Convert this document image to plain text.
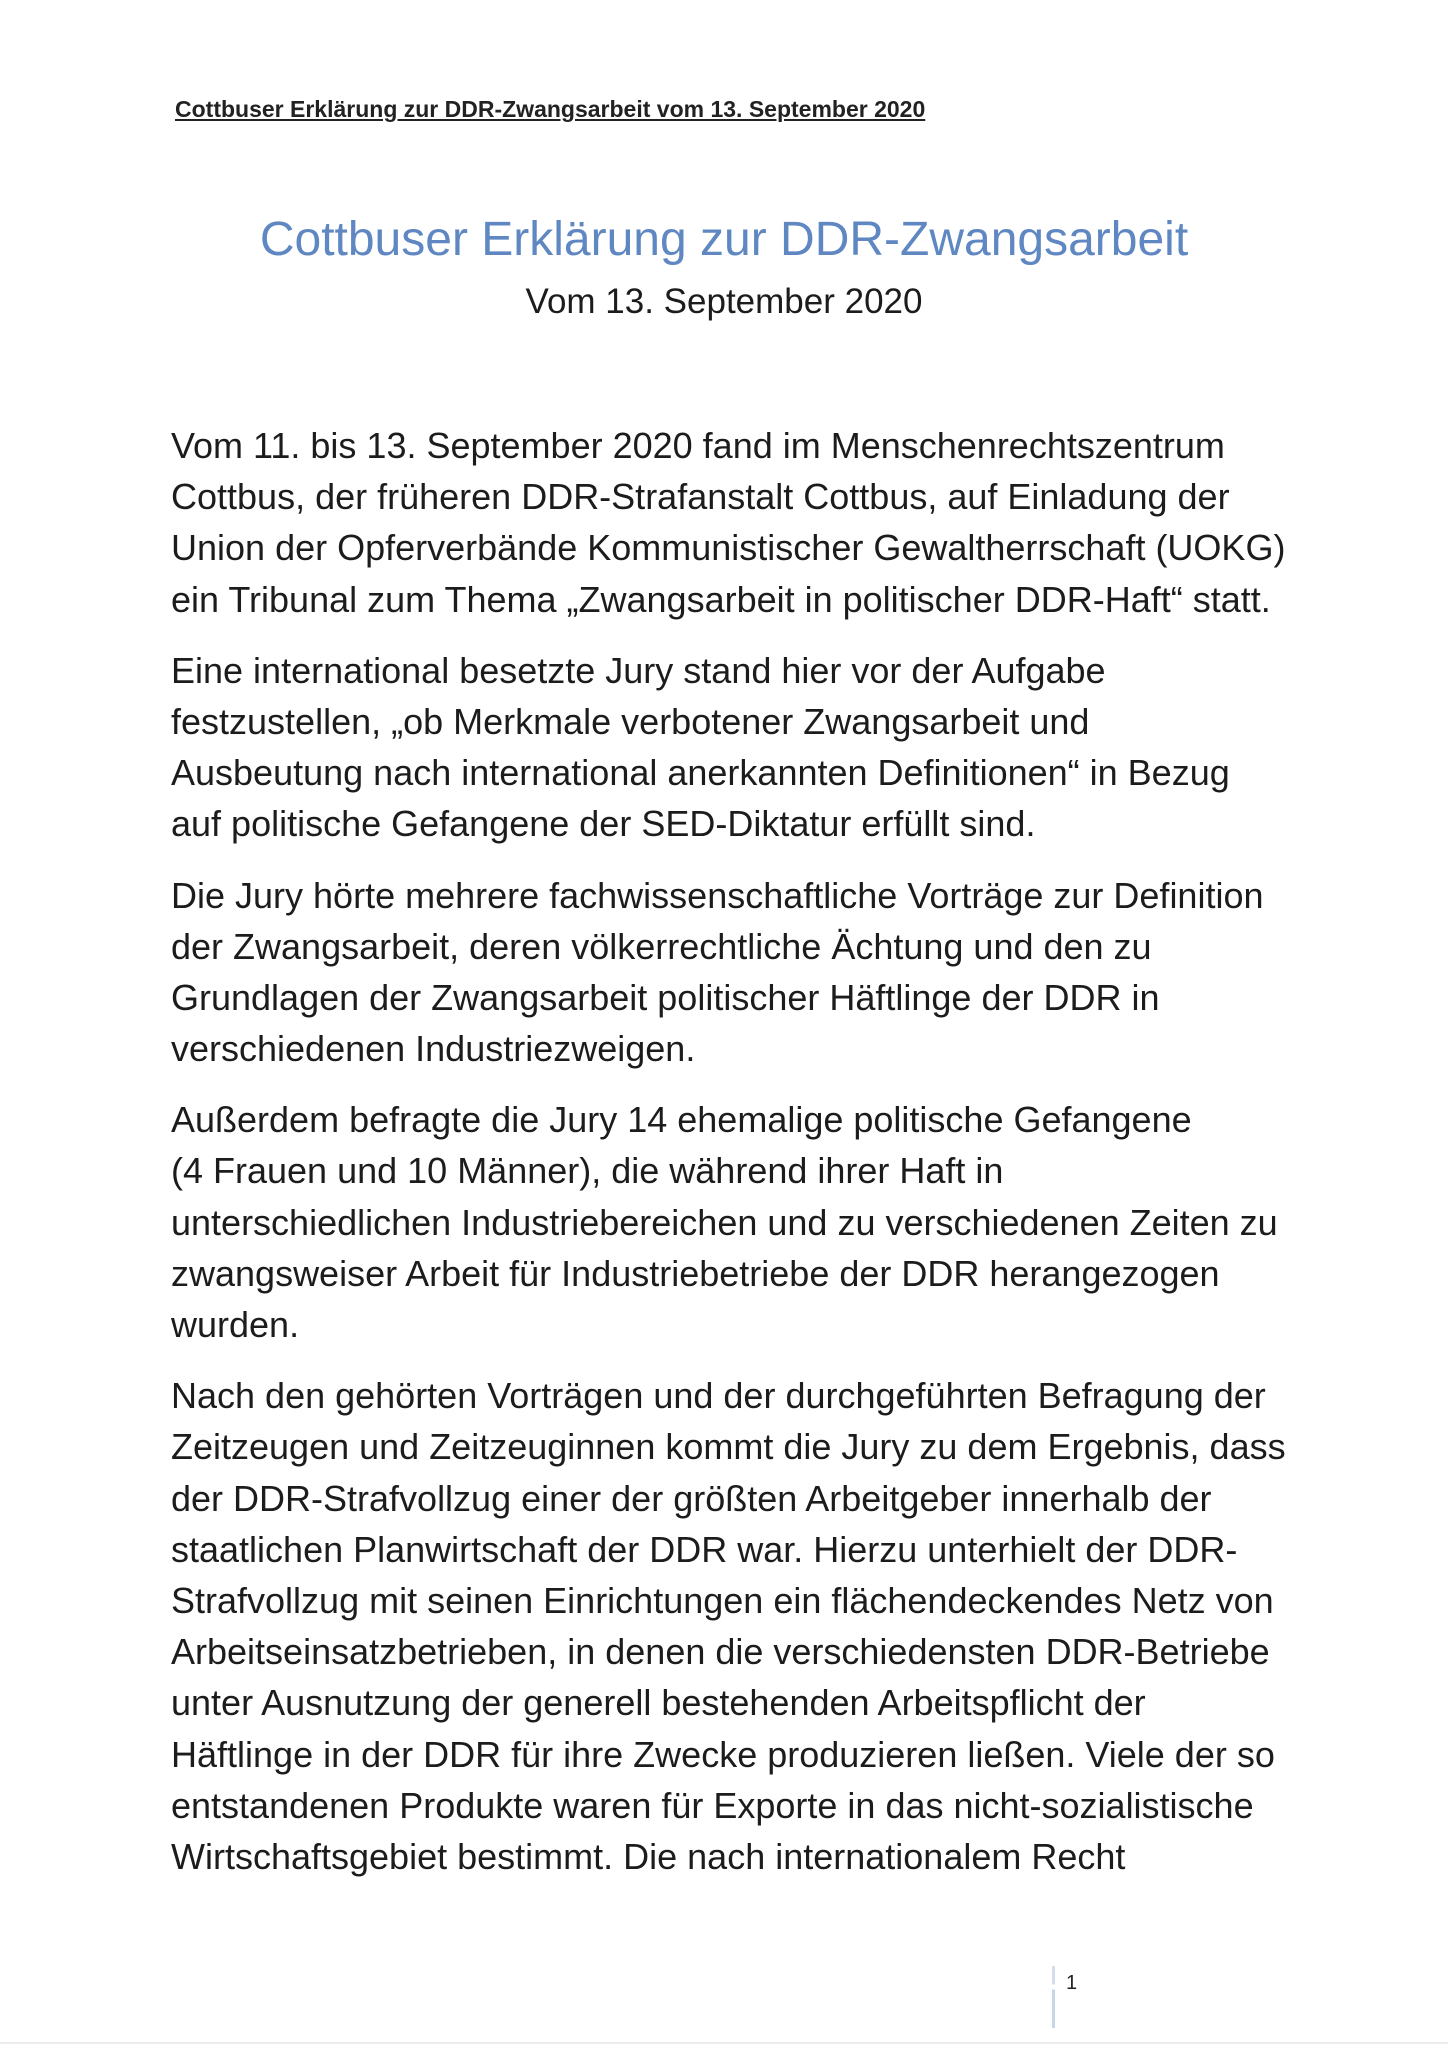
Cottbuser Erklärung zur DDR-Zwangsarbeit vom 13. September 2020
Cottbuser Erklärung zur DDR-Zwangsarbeit
Vom 13. September 2020
Vom 11. bis 13. September 2020 fand im Menschenrechtszentrum
Cottbus, der früheren DDR-Strafanstalt Cottbus, auf Einladung der
Union der Opferverbände Kommunistischer Gewaltherrschaft (UOKG)
ein Tribunal zum Thema „Zwangsarbeit in politischer DDR-Haft“ statt.
Eine international besetzte Jury stand hier vor der Aufgabe
festzustellen, „ob Merkmale verbotener Zwangsarbeit und
Ausbeutung nach international anerkannten Definitionen“ in Bezug
auf politische Gefangene der SED-Diktatur erfüllt sind.
Die Jury hörte mehrere fachwissenschaftliche Vorträge zur Definition
der Zwangsarbeit, deren völkerrechtliche Ächtung und den zu
Grundlagen der Zwangsarbeit politischer Häftlinge der DDR in
verschiedenen Industriezweigen.
Außerdem befragte die Jury 14 ehemalige politische Gefangene
(4 Frauen und 10 Männer), die während ihrer Haft in
unterschiedlichen Industriebereichen und zu verschiedenen Zeiten zu
zwangsweiser Arbeit für Industriebetriebe der DDR herangezogen
wurden.
Nach den gehörten Vorträgen und der durchgeführten Befragung der
Zeitzeugen und Zeitzeuginnen kommt die Jury zu dem Ergebnis, dass
der DDR-Strafvollzug einer der größten Arbeitgeber innerhalb der
staatlichen Planwirtschaft der DDR war. Hierzu unterhielt der DDR-
Strafvollzug mit seinen Einrichtungen ein flächendeckendes Netz von
Arbeitseinsatzbetrieben, in denen die verschiedensten DDR-Betriebe
unter Ausnutzung der generell bestehenden Arbeitspflicht der
Häftlinge in der DDR für ihre Zwecke produzieren ließen. Viele der so
entstandenen Produkte waren für Exporte in das nicht-sozialistische
Wirtschaftsgebiet bestimmt. Die nach internationalem Recht
1
